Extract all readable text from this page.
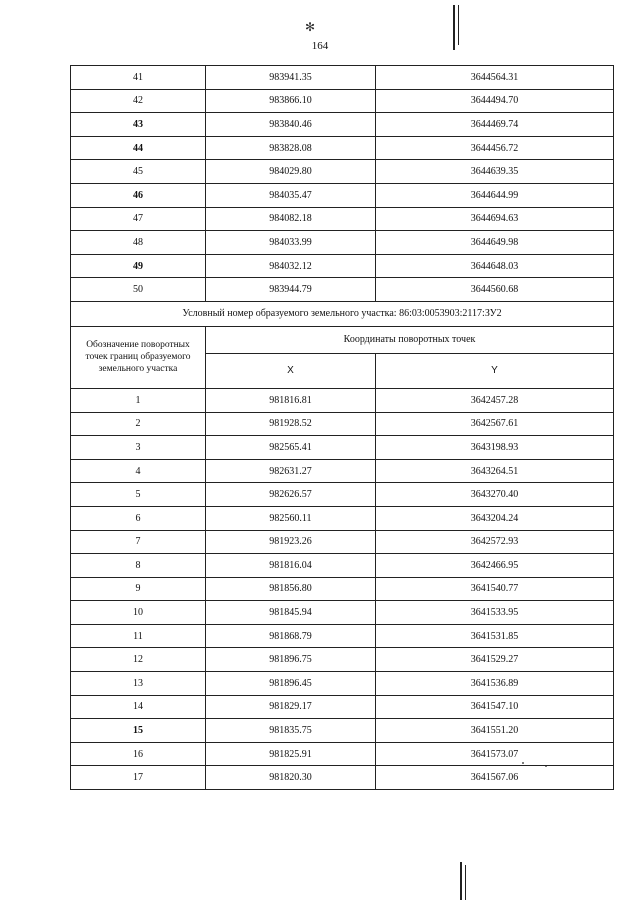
✻
164
41	983941.35	3644564.31
42	983866.10	3644494.70
43	983840.46	3644469.74
44	983828.08	3644456.72
45	984029.80	3644639.35
46	984035.47	3644644.99
47	984082.18	3644694.63
48	984033.99	3644649.98
49	984032.12	3644648.03
50	983944.79	3644560.68
Условный номер образуемого земельного участка: 86:03:0053903:2117:ЗУ2		
Обозначение поворотных точек границ образуемого земельного участка	Координаты поворотных точек	
	X	Y
1	981816.81	3642457.28
2	981928.52	3642567.61
3	982565.41	3643198.93
4	982631.27	3643264.51
5	982626.57	3643270.40
6	982560.11	3643204.24
7	981923.26	3642572.93
8	981816.04	3642466.95
9	981856.80	3641540.77
10	981845.94	3641533.95
11	981868.79	3641531.85
12	981896.75	3641529.27
13	981896.45	3641536.89
14	981829.17	3641547.10
15	981835.75	3641551.20
16	981825.91	3641573.07
17	981820.30	3641567.06
